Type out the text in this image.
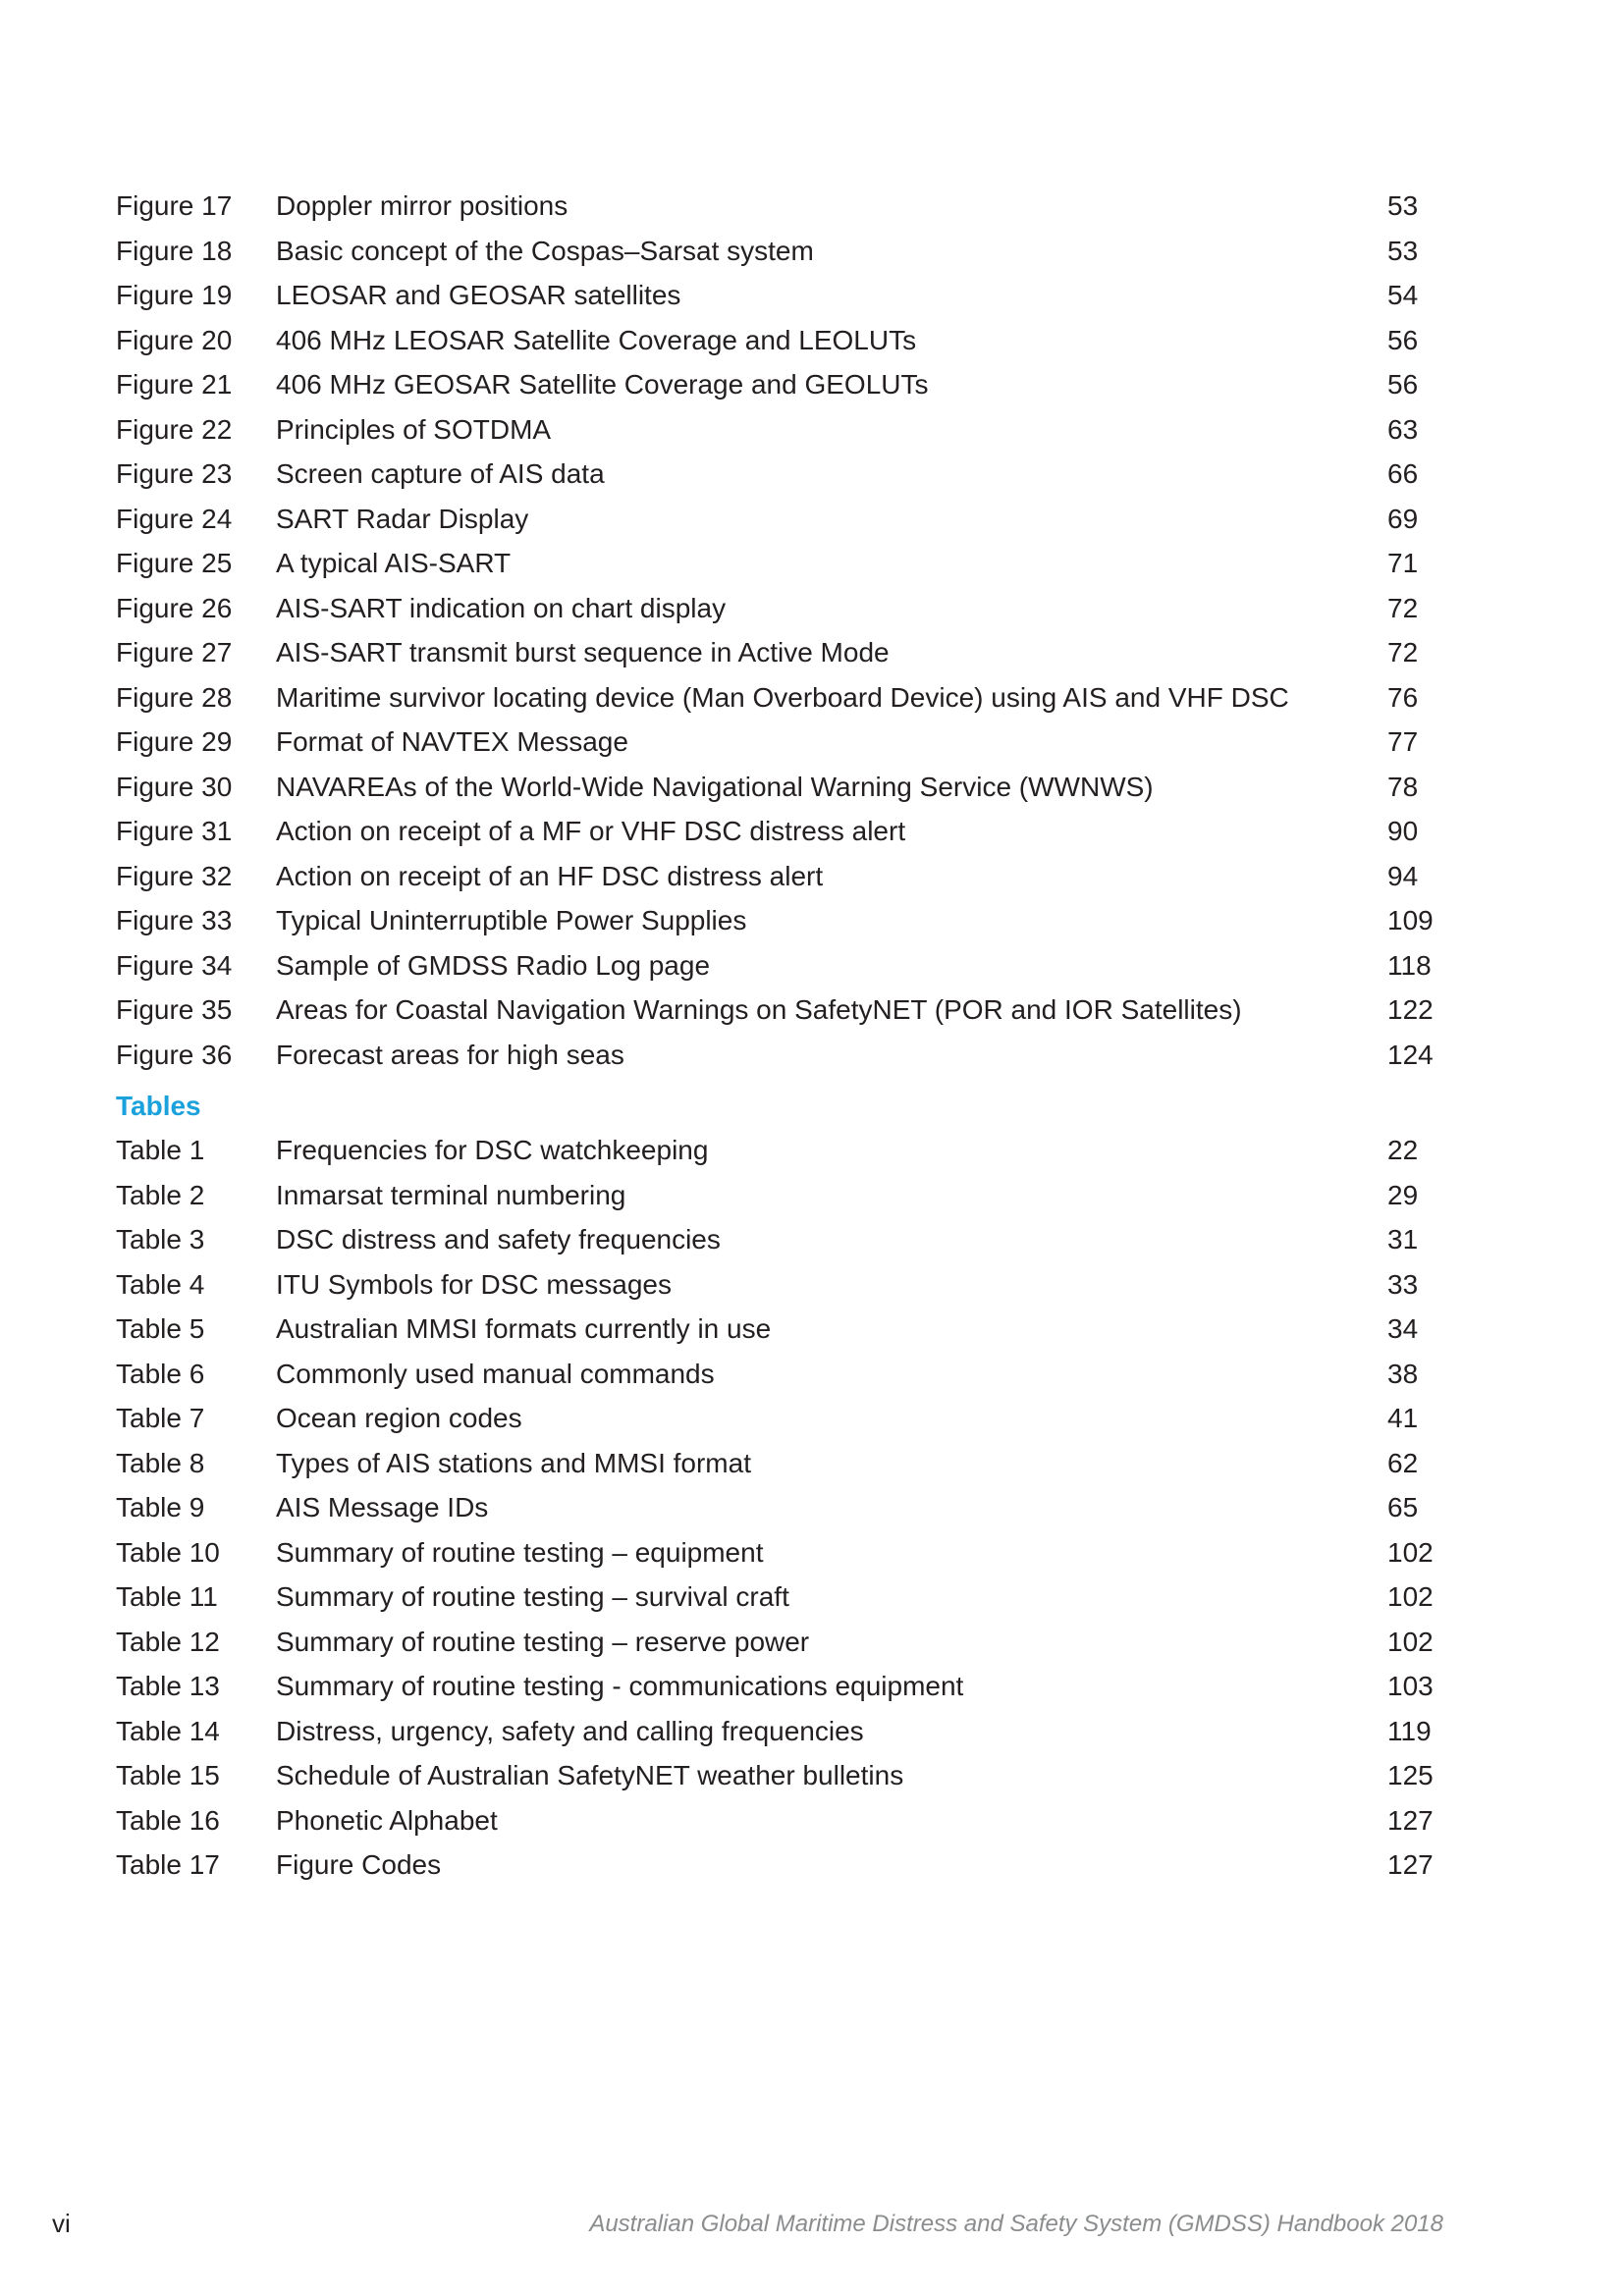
Figure 17 Doppler mirror positions	53
Figure 18 Basic concept of the Cospas–Sarsat system	53
Figure 19 LEOSAR and GEOSAR satellites	54
Figure 20 406 MHz LEOSAR Satellite Coverage and LEOLUTs	56
Figure 21 406 MHz GEOSAR Satellite Coverage and GEOLUTs	56
Figure 22 Principles of SOTDMA	63
Figure 23 Screen capture of AIS data	66
Figure 24 SART Radar Display	69
Figure 25 A typical AIS-SART	71
Figure 26 AIS-SART indication on chart display	72
Figure 27 AIS-SART transmit burst sequence in Active Mode	72
Figure 28 Maritime survivor locating device (Man Overboard Device) using AIS and VHF DSC	76
Figure 29 Format of NAVTEX Message	77
Figure 30 NAVAREAs of the World-Wide Navigational Warning Service (WWNWS)	78
Figure 31 Action on receipt of a MF or VHF DSC distress alert	90
Figure 32 Action on receipt of an HF DSC distress alert	94
Figure 33 Typical Uninterruptible Power Supplies	109
Figure 34 Sample of GMDSS Radio Log page	118
Figure 35 Areas for Coastal Navigation Warnings on SafetyNET (POR and IOR Satellites)	122
Figure 36 Forecast areas for high seas	124
Tables
Table 1	Frequencies for DSC watchkeeping	22
Table 2	Inmarsat terminal numbering	29
Table 3	DSC distress and safety frequencies	31
Table 4	ITU Symbols for DSC messages	33
Table 5	Australian MMSI formats currently in use	34
Table 6	Commonly used manual commands	38
Table 7	Ocean region codes	41
Table 8	Types of AIS stations and MMSI format	62
Table 9	AIS Message IDs	65
Table 10 Summary of routine testing – equipment	102
Table 11 Summary of routine testing – survival craft	102
Table 12 Summary of routine testing – reserve power	102
Table 13 Summary of routine testing - communications equipment	103
Table 14 Distress, urgency, safety and calling frequencies	119
Table 15 Schedule of Australian SafetyNET weather bulletins	125
Table 16 Phonetic Alphabet	127
Table 17 Figure Codes	127
vi	Australian Global Maritime Distress and Safety System (GMDSS) Handbook 2018
